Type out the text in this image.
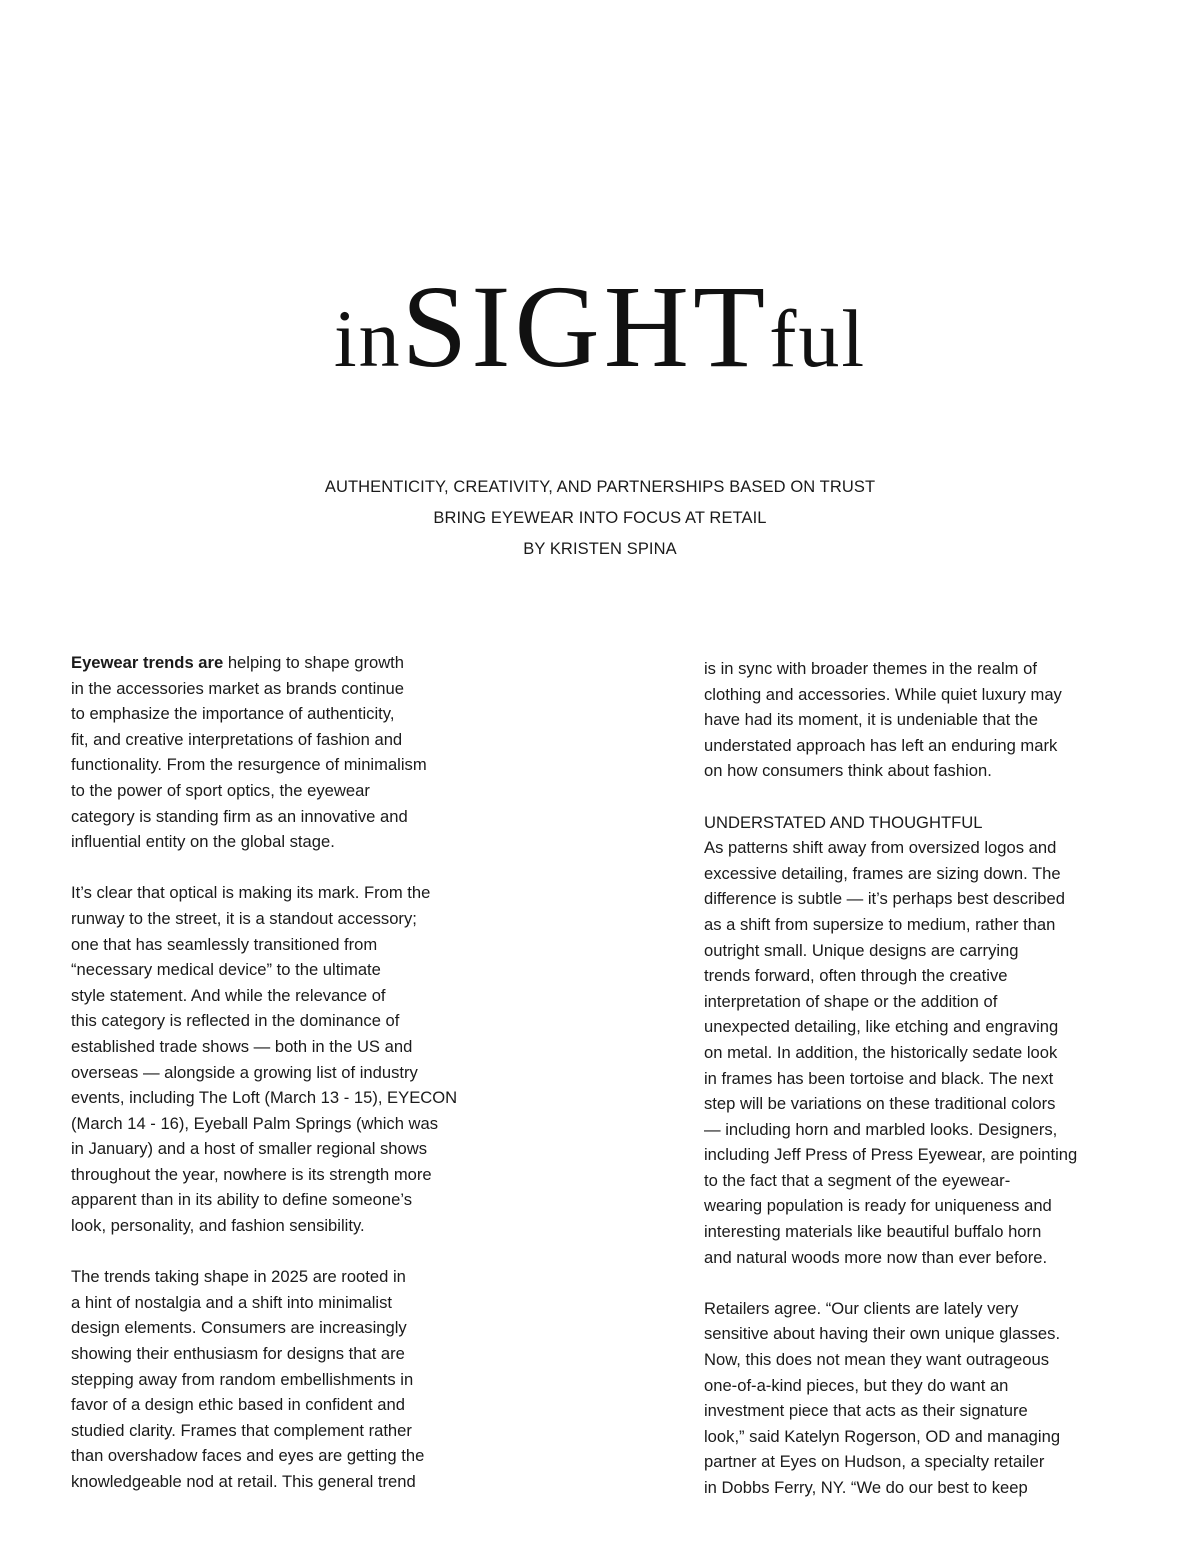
inSIGHTful
AUTHENTICITY, CREATIVITY, AND PARTNERSHIPS BASED ON TRUST
BRING EYEWEAR INTO FOCUS AT RETAIL
BY KRISTEN SPINA
Eyewear trends are helping to shape growth
in the accessories market as brands continue
to emphasize the importance of authenticity,
fit, and creative interpretations of fashion and
functionality. From the resurgence of minimalism
to the power of sport optics, the eyewear
category is standing firm as an innovative and
influential entity on the global stage.
It’s clear that optical is making its mark. From the
runway to the street, it is a standout accessory;
one that has seamlessly transitioned from
“necessary medical device” to the ultimate
style statement. And while the relevance of
this category is reflected in the dominance of
established trade shows — both in the US and
overseas — alongside a growing list of industry
events, including The Loft (March 13 - 15), EYECON
(March 14 - 16), Eyeball Palm Springs (which was
in January) and a host of smaller regional shows
throughout the year, nowhere is its strength more
apparent than in its ability to define someone’s
look, personality, and fashion sensibility.
The trends taking shape in 2025 are rooted in
a hint of nostalgia and a shift into minimalist
design elements. Consumers are increasingly
showing their enthusiasm for designs that are
stepping away from random embellishments in
favor of a design ethic based in confident and
studied clarity. Frames that complement rather
than overshadow faces and eyes are getting the
knowledgeable nod at retail. This general trend
is in sync with broader themes in the realm of
clothing and accessories. While quiet luxury may
have had its moment, it is undeniable that the
understated approach has left an enduring mark
on how consumers think about fashion.
UNDERSTATED AND THOUGHTFUL
As patterns shift away from oversized logos and
excessive detailing, frames are sizing down. The
difference is subtle — it’s perhaps best described
as a shift from supersize to medium, rather than
outright small. Unique designs are carrying
trends forward, often through the creative
interpretation of shape or the addition of
unexpected detailing, like etching and engraving
on metal. In addition, the historically sedate look
in frames has been tortoise and black. The next
step will be variations on these traditional colors
— including horn and marbled looks. Designers,
including Jeff Press of Press Eyewear, are pointing
to the fact that a segment of the eyewear-
wearing population is ready for uniqueness and
interesting materials like beautiful buffalo horn
and natural woods more now than ever before.
Retailers agree. “Our clients are lately very
sensitive about having their own unique glasses.
Now, this does not mean they want outrageous
one-of-a-kind pieces, but they do want an
investment piece that acts as their signature
look,” said Katelyn Rogerson, OD and managing
partner at Eyes on Hudson, a specialty retailer
in Dobbs Ferry, NY. “We do our best to keep
